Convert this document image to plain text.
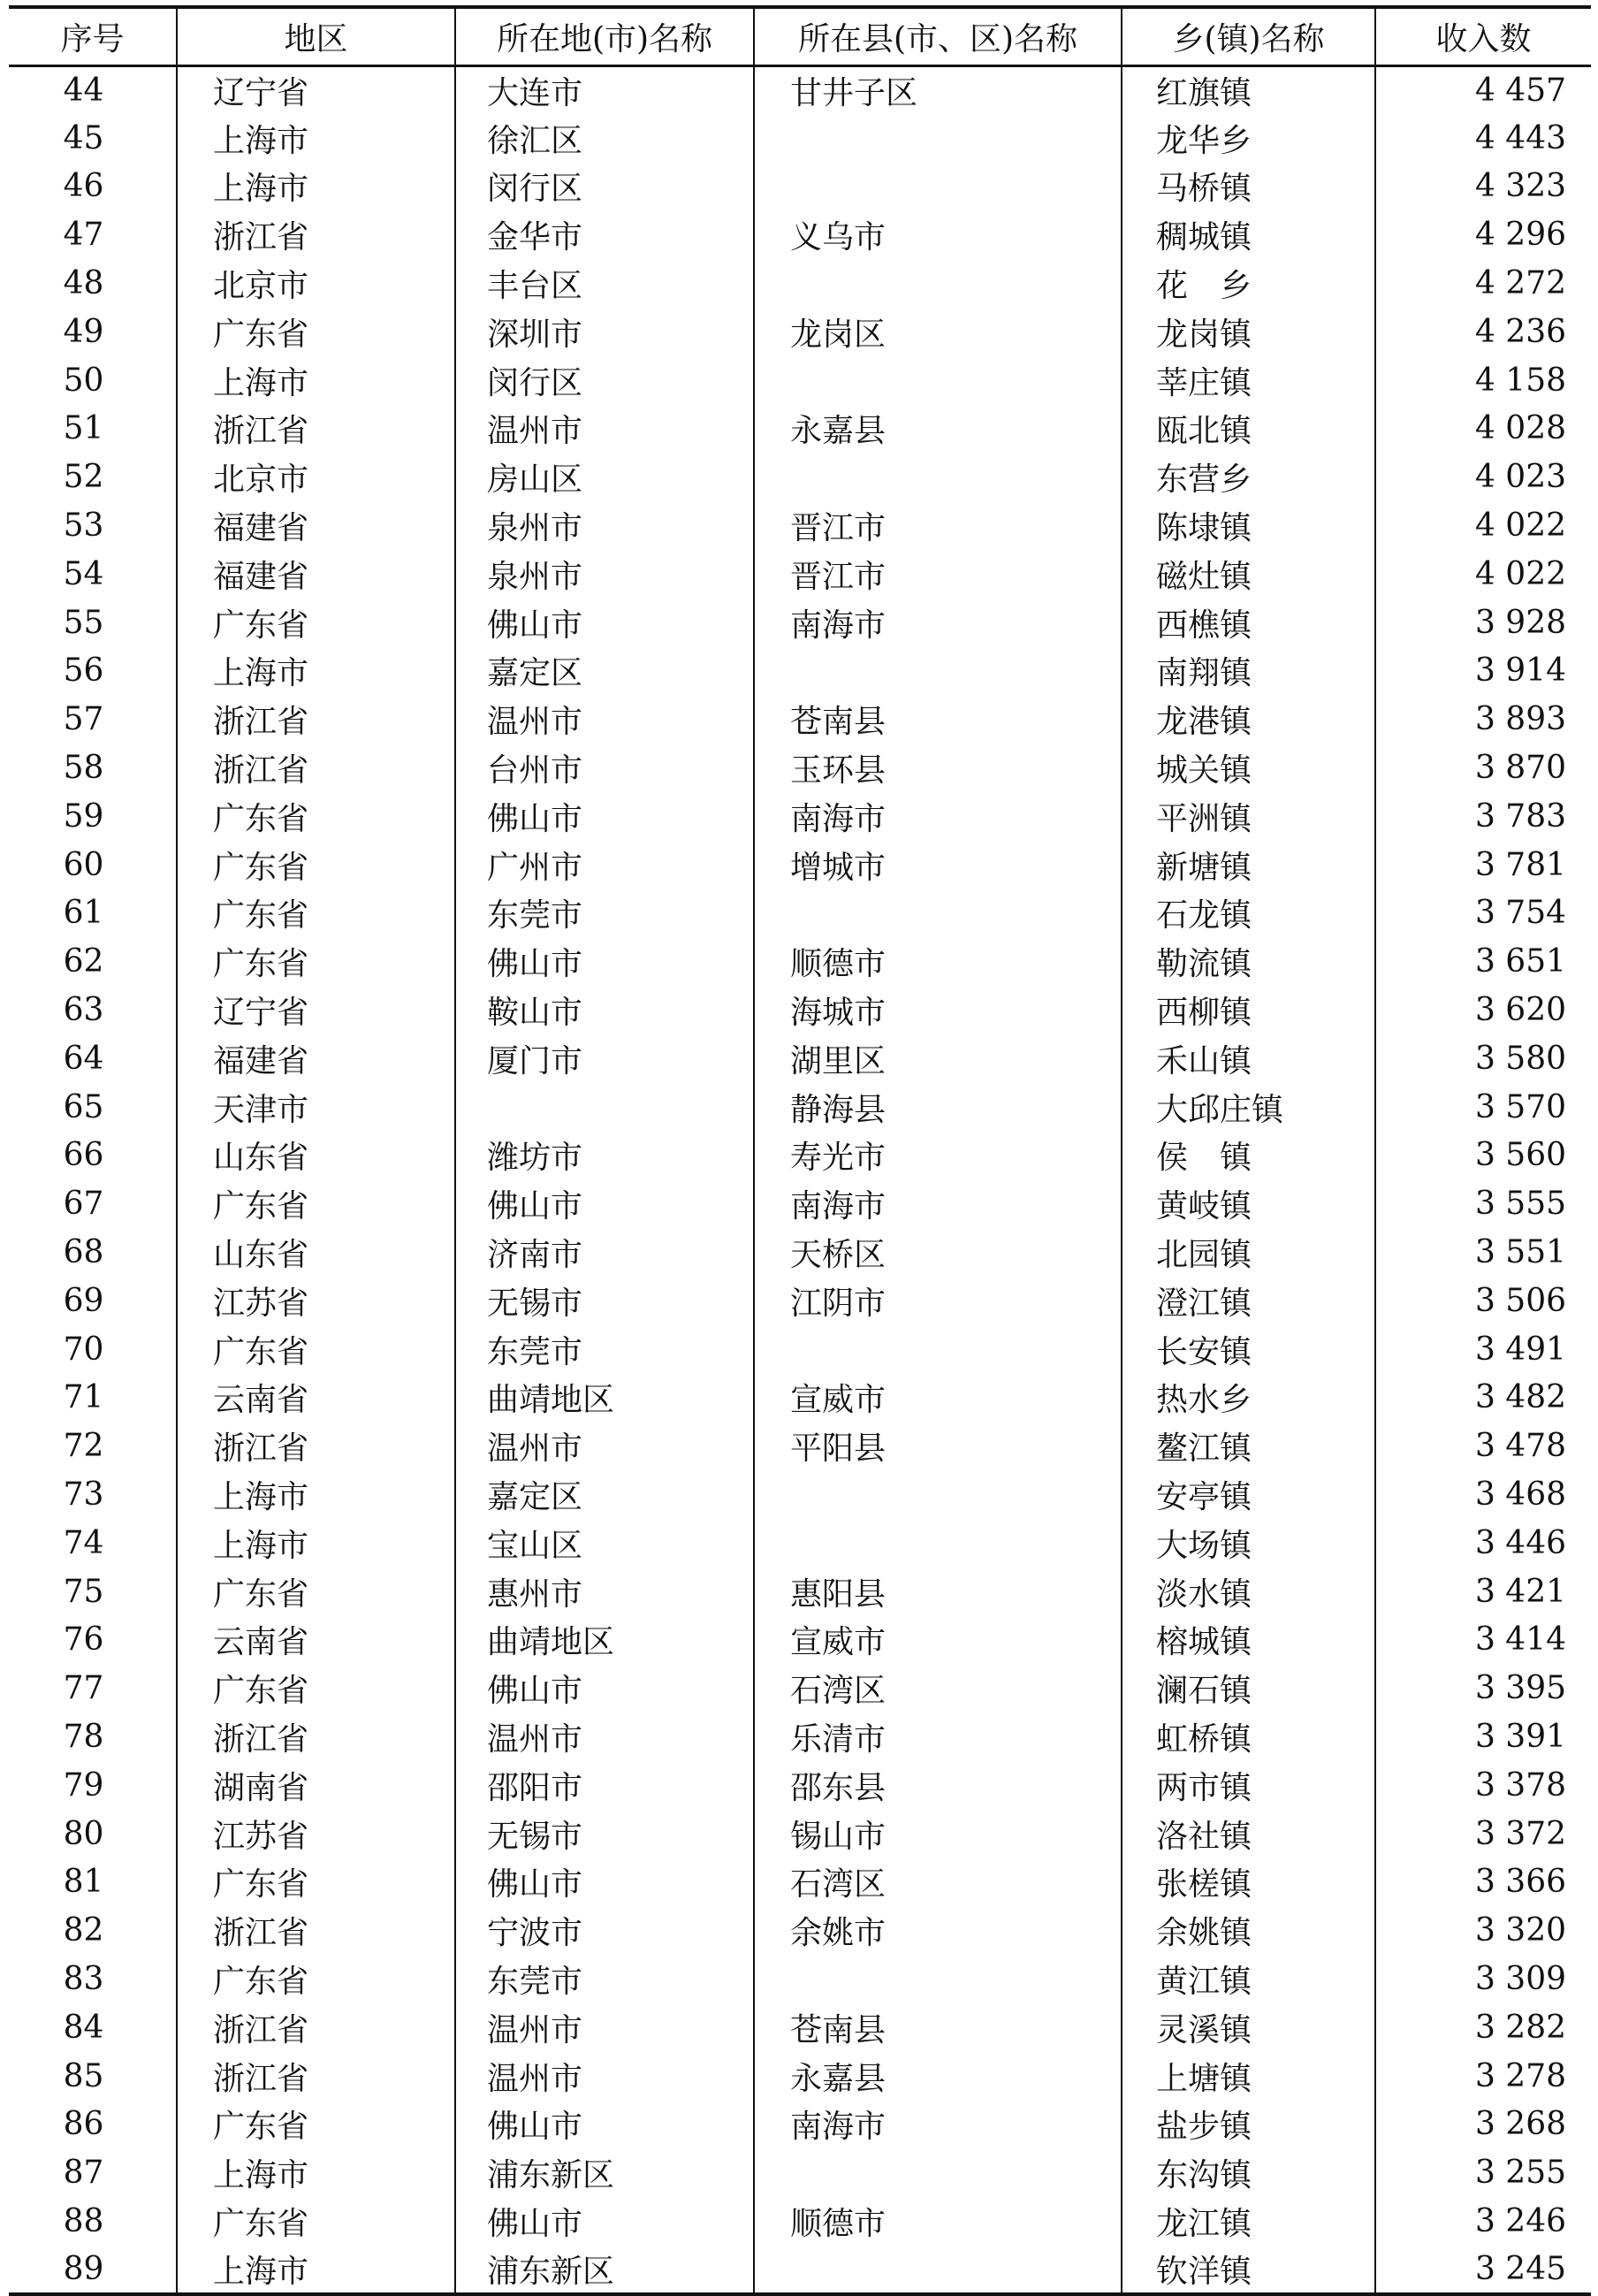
序号	地区	所在地(市)名称	所在县(市、区)名称	乡(镇)名称	收入数
44	辽宁省	大连市	甘井子区	红旗镇	4 457
45	上海市	徐汇区		龙华乡	4 443
46	上海市	闵行区		马桥镇	4 323
47	浙江省	金华市	义乌市	稠城镇	4 296
48	北京市	丰台区		花　乡	4 272
49	广东省	深圳市	龙岗区	龙岗镇	4 236
50	上海市	闵行区		莘庄镇	4 158
51	浙江省	温州市	永嘉县	瓯北镇	4 028
52	北京市	房山区		东营乡	4 023
53	福建省	泉州市	晋江市	陈埭镇	4 022
54	福建省	泉州市	晋江市	磁灶镇	4 022
55	广东省	佛山市	南海市	西樵镇	3 928
56	上海市	嘉定区		南翔镇	3 914
57	浙江省	温州市	苍南县	龙港镇	3 893
58	浙江省	台州市	玉环县	城关镇	3 870
59	广东省	佛山市	南海市	平洲镇	3 783
60	广东省	广州市	增城市	新塘镇	3 781
61	广东省	东莞市		石龙镇	3 754
62	广东省	佛山市	顺德市	勒流镇	3 651
63	辽宁省	鞍山市	海城市	西柳镇	3 620
64	福建省	厦门市	湖里区	禾山镇	3 580
65	天津市		静海县	大邱庄镇	3 570
66	山东省	潍坊市	寿光市	侯　镇	3 560
67	广东省	佛山市	南海市	黄岐镇	3 555
68	山东省	济南市	天桥区	北园镇	3 551
69	江苏省	无锡市	江阴市	澄江镇	3 506
70	广东省	东莞市		长安镇	3 491
71	云南省	曲靖地区	宣威市	热水乡	3 482
72	浙江省	温州市	平阳县	鳌江镇	3 478
73	上海市	嘉定区		安亭镇	3 468
74	上海市	宝山区		大场镇	3 446
75	广东省	惠州市	惠阳县	淡水镇	3 421
76	云南省	曲靖地区	宣威市	榕城镇	3 414
77	广东省	佛山市	石湾区	澜石镇	3 395
78	浙江省	温州市	乐清市	虹桥镇	3 391
79	湖南省	邵阳市	邵东县	两市镇	3 378
80	江苏省	无锡市	锡山市	洛社镇	3 372
81	广东省	佛山市	石湾区	张槎镇	3 366
82	浙江省	宁波市	余姚市	余姚镇	3 320
83	广东省	东莞市		黄江镇	3 309
84	浙江省	温州市	苍南县	灵溪镇	3 282
85	浙江省	温州市	永嘉县	上塘镇	3 278
86	广东省	佛山市	南海市	盐步镇	3 268
87	上海市	浦东新区		东沟镇	3 255
88	广东省	佛山市	顺德市	龙江镇	3 246
89	上海市	浦东新区		钦洋镇	3 245
